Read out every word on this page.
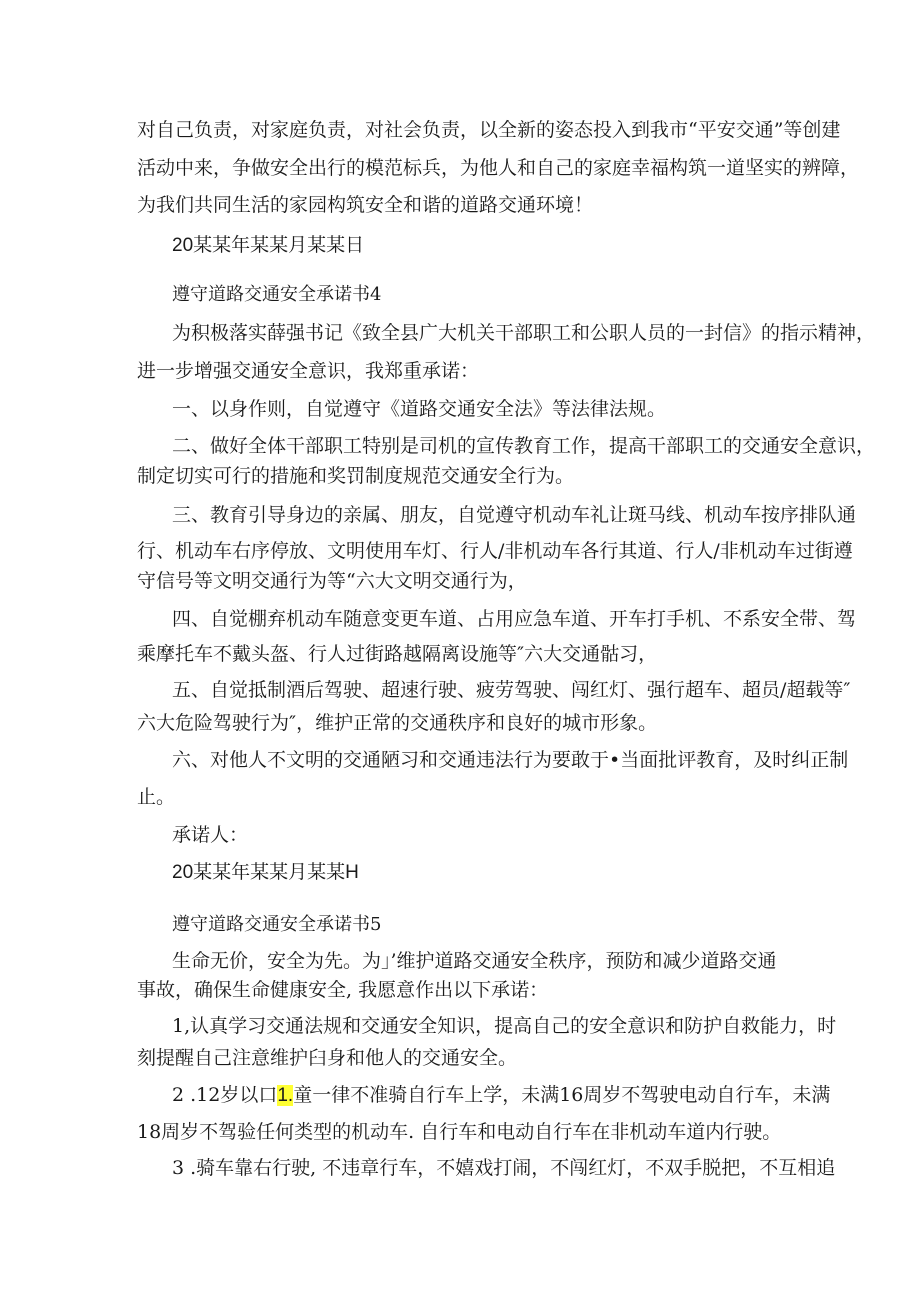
对自己负责，对家庭负责，对社会负责，以全新的姿态投入到我市“平安交通”等创建
活动中来，争做安全出行的模范标兵，为他人和自己的家庭幸福构筑一道坚实的辨障，
为我们共同生活的家园构筑安全和谐的道路交通环境！
20某某年某某月某某日
遵守道路交通安全承诺书4
为积极落实薛强书记《致全县广大机关干部职工和公职人员的一封信》的指示精神，
进一步增强交通安全意识，我郑重承诺：
一、以身作则，自觉遵守《道路交通安全法》等法律法规。
二、做好全体干部职工特别是司机的宣传教育工作，提高干部职工的交通安全意识，
制定切实可行的措施和奖罚制度规范交通安全行为。
三、教育引导身边的亲属、朋友，自觉遵守机动车礼让斑马线、机动车按序排队通
行、机动车右序停放、文明使用车灯、行人/非机动车各行其道、行人/非机动车过街遵
守信号等文明交通行为等“六大文明交通行为，
四、自觉棚弃机动车随意变更车道、占用应急车道、开车打手机、不系安全带、驾
乘摩托车不戴头盔、行人过街路越隔离设施等″六大交通骷习，
五、自觉抵制酒后驾驶、超速行驶、疲劳驾驶、闯红灯、强行超车、超员/超载等″
六大危险驾驶行为″，维护正常的交通秩序和良好的城市形象。
六、对他人不文明的交通陋习和交通违法行为要敢于•当面批评教育，及时纠正制
止。
承诺人：
20某某年某某月某某H
遵守道路交通安全承诺书5
生命无价，安全为先。为」’维护道路交通安全秩序，预防和减少道路交通
事故，确保生命健康安全, 我愿意作出以下承诺：
1,认真学习交通法规和交通安全知识，提高自己的安全意识和防护自救能力，时
刻提醒自己注意维护臼身和他人的交通安全。
2 .12岁以口1.童一律不准骑自行车上学，未满16周岁不驾驶电动自行车，未满
18周岁不驾验任何类型的机动车. 自行车和电动自行车在非机动车道内行驶。
3 .骑车靠右行驶, 不违章行车，不嬉戏打闹，不闯红灯，不双手脱把，不互相追
